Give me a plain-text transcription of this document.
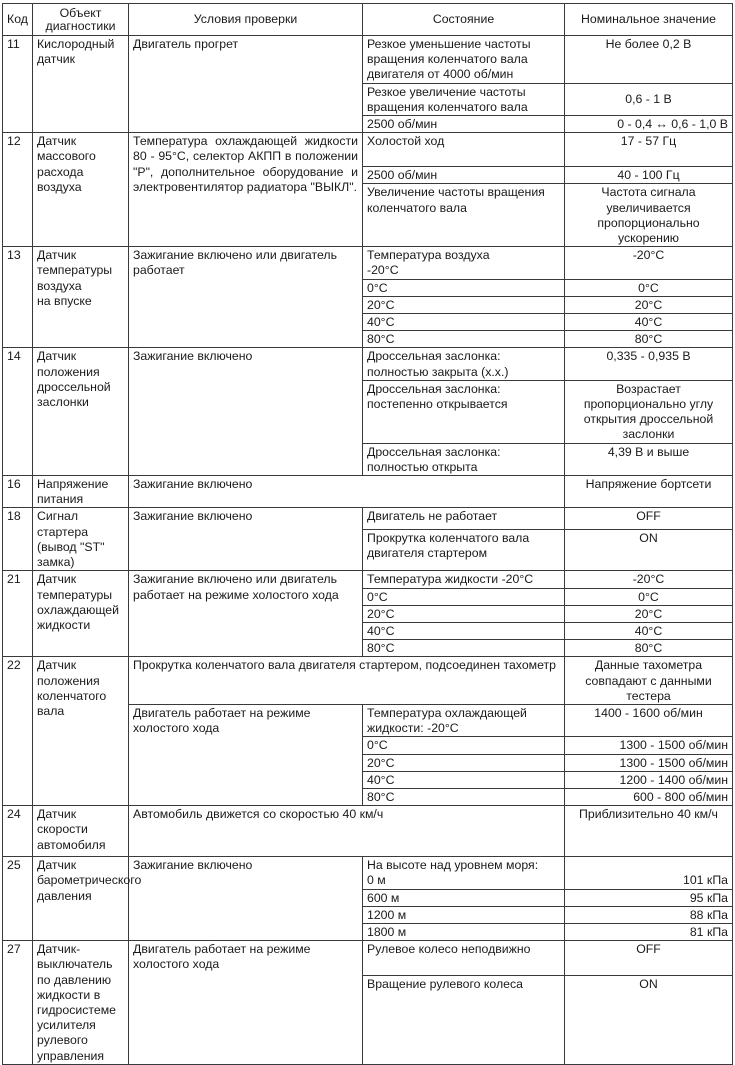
Код	Объект
диагностики	Условия проверки	Состояние	Номинальное значение
11	Кислородный
датчик	Двигатель прогрет	Резкое уменьшение частоты вращения коленчатого вала двигателя от 4000 об/мин	Не более 0,2 В
			Резкое увеличение частоты вращения коленчатого вала	0,6 - 1 В
			2500 об/мин	0 - 0,4 ↔ 0,6 - 1,0 В
12	Датчик
массового
расхода
воздуха	Температура охлаждающей жидкости 80 - 95°C, селектор АКПП в положении "Р", дополнительное оборудование и электровентилятор радиатора "ВЫКЛ".	Холостой ход	17 - 57 Гц
			2500 об/мин	40 - 100 Гц
			Увеличение частоты вращения коленчатого вала	Частота сигнала увеличивается пропорционально ускорению
13	Датчик
температуры
воздуха
на впуске	Зажигание включено или двигатель работает	Температура воздуха
-20°C	-20°C
			0°C	0°C
			20°C	20°C
			40°C	40°C
			80°C	80°C
14	Датчик
положения
дроссельной
заслонки	Зажигание включено	Дроссельная заслонка: полностью закрыта (х.х.)	0,335 - 0,935 В
			Дроссельная заслонка: постепенно открывается	Возрастает пропорционально углу открытия дроссельной заслонки
			Дроссельная заслонка: полностью открыта	4,39 В и выше
16	Напряжение
питания	Зажигание включено		Напряжение бортсети
18	Сигнал стартера (вывод "ST" замка)	Зажигание включено	Двигатель не работает	OFF
			Прокрутка коленчатого вала двигателя стартером	ON
21	Датчик
температуры
охлаждающей
жидкости	Зажигание включено или двигатель работает на режиме холостого хода	Температура жидкости -20°C	-20°C
			0°C	0°C
			20°C	20°C
			40°C	40°C
			80°C	80°C
22	Датчик
положения
коленчатого
вала	Прокрутка коленчатого вала двигателя стартером, подсоединен тахометр		Данные тахометра совпадают с данными тестера
		Двигатель работает на режиме холостого хода	Температура охлаждающей жидкости: -20°C	1400 - 1600 об/мин
			0°C	1300 - 1500 об/мин
			20°C	1300 - 1500 об/мин
			40°C	1200 - 1400 об/мин
			80°C	600 - 800 об/мин
24	Датчик
скорости
автомобиля	Автомобиль движется со скоростью 40 км/ч		Приблизительно 40 км/ч
25	Датчик барометрического
давления	Зажигание включено	На высоте над уровнем моря:
0 м	101 кПа
			600 м	95 кПа
			1200 м	88 кПа
			1800 м	81 кПа
27	Датчик-выключатель по давлению жидкости в гидросистеме усилителя рулевого управления	Двигатель работает на режиме холостого хода	Рулевое колесо неподвижно	OFF
			Вращение рулевого колеса	ON
